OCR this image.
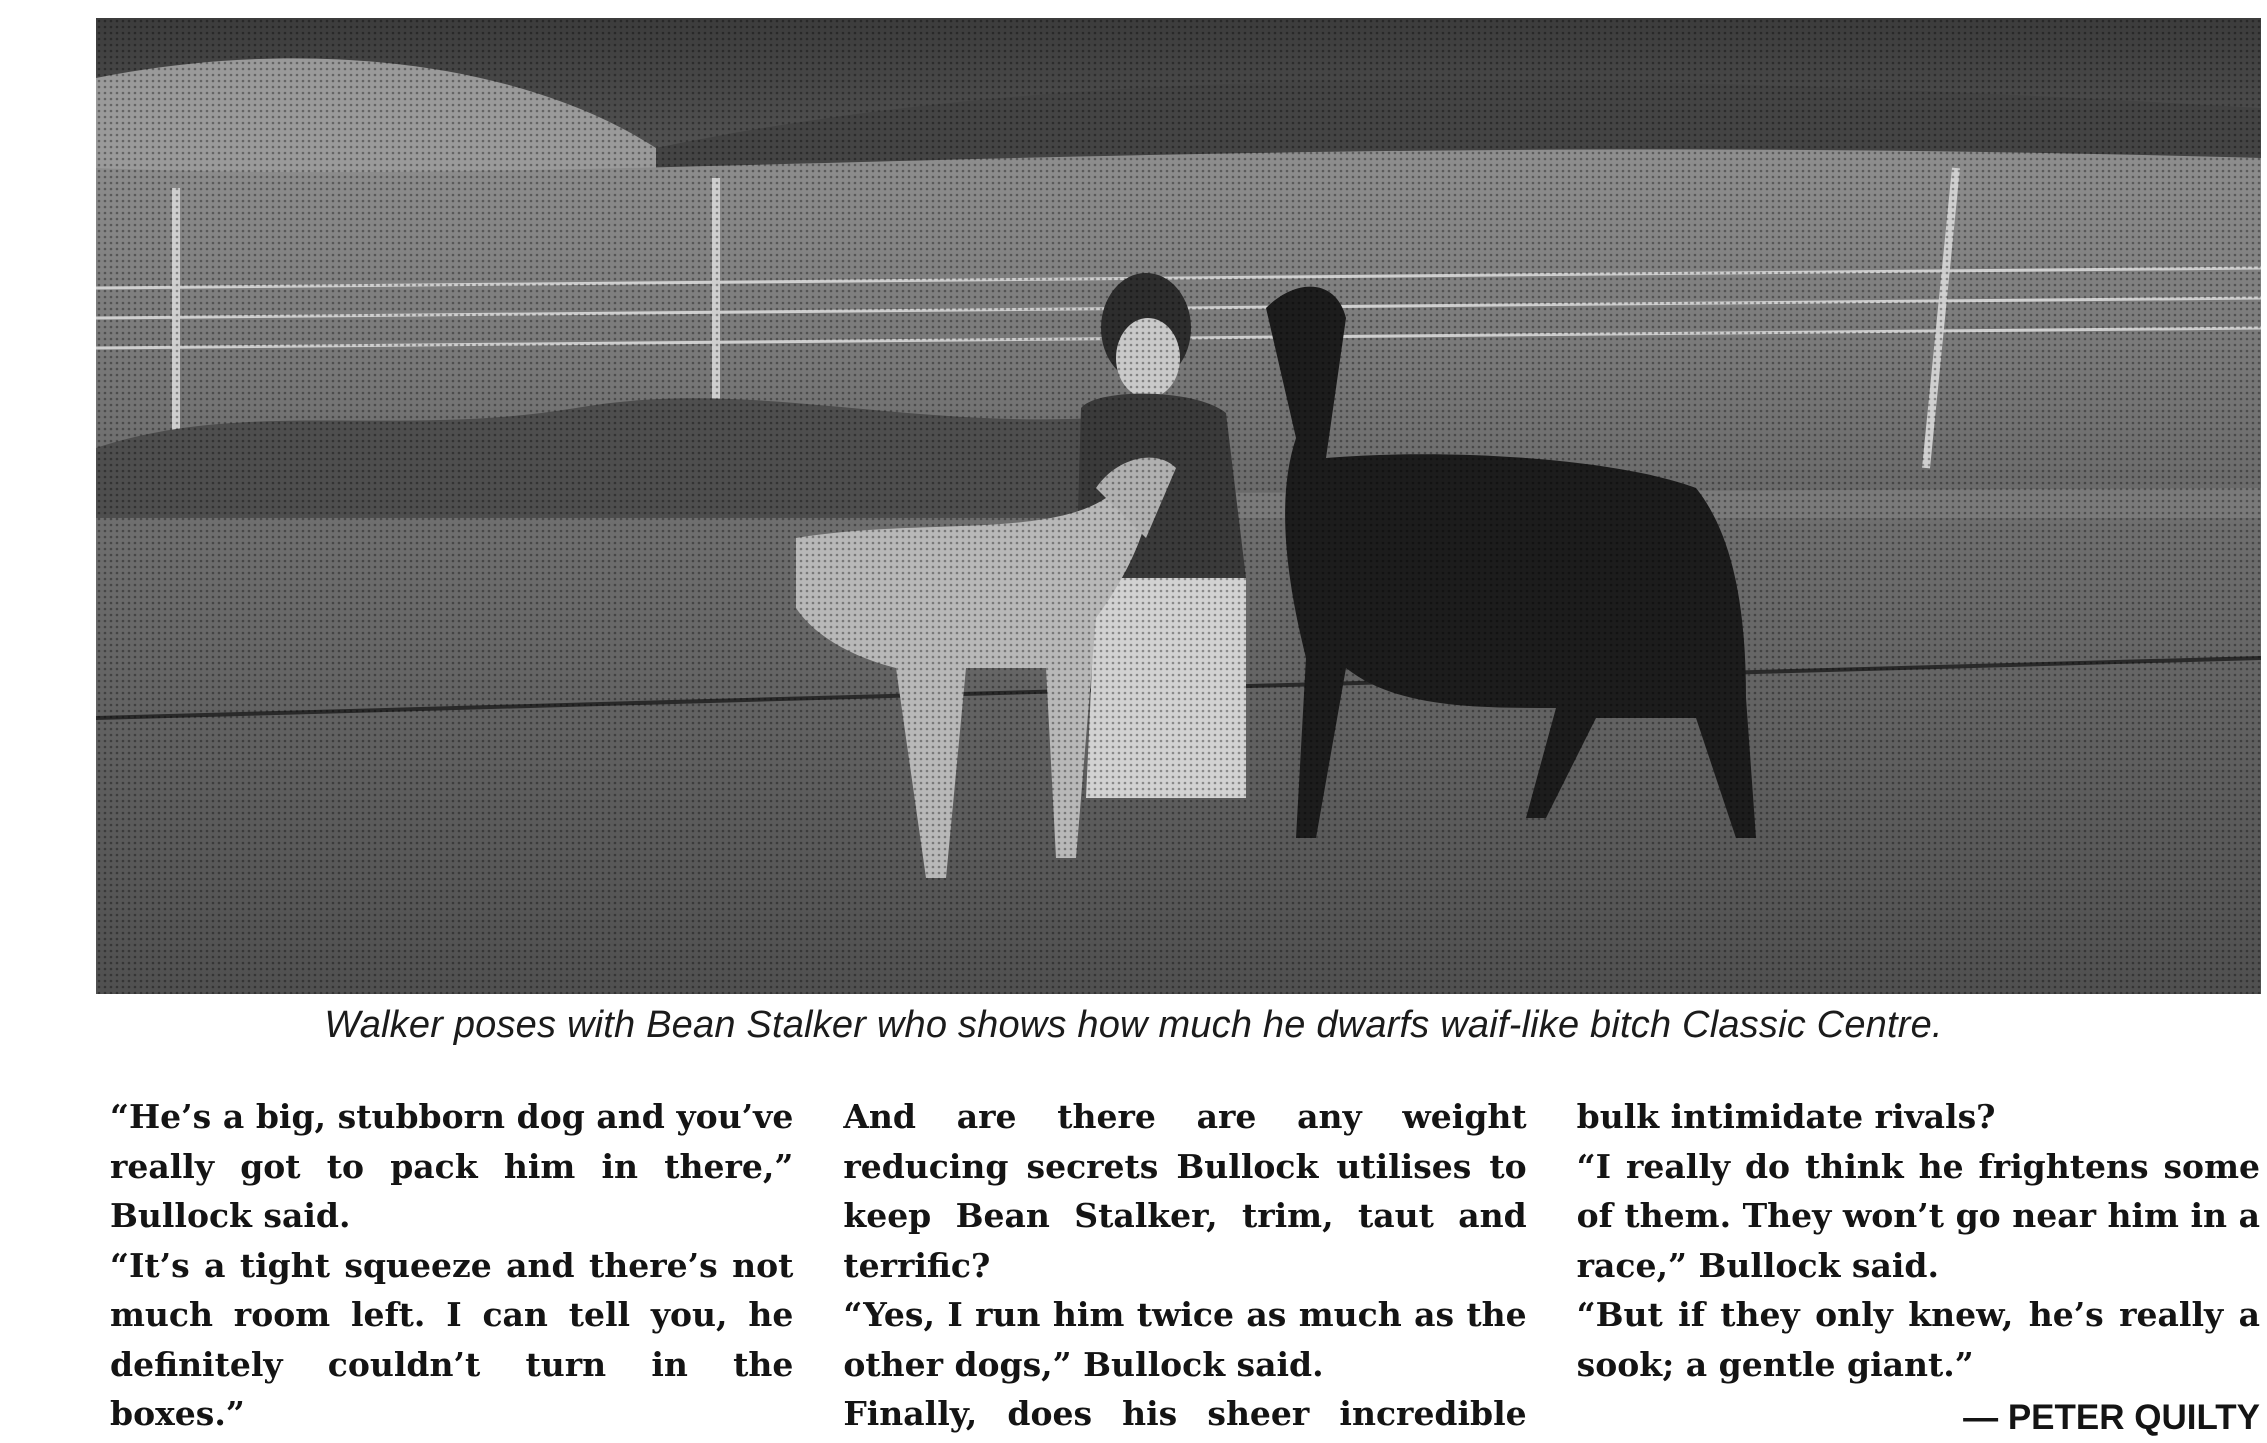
Walker poses with Bean Stalker who shows how much he dwarfs waif-like bitch Classic Centre.

“He’s a big, stubborn dog and you’ve really got to pack him in there,” Bullock said.

“It’s a tight squeeze and there’s not much room left. I can tell you, he definitely couldn’t turn in the boxes.”

And are there are any weight reducing secrets Bullock utilises to keep Bean Stalker, trim, taut and terrific?

“Yes, I run him twice as much as the other dogs,” Bullock said.

Finally, does his sheer incredible

bulk intimidate rivals?

“I really do think he frightens some of them. They won’t go near him in a race,” Bullock said.

“But if they only knew, he’s really a sook; a gentle giant.”

— PETER QUILTY
